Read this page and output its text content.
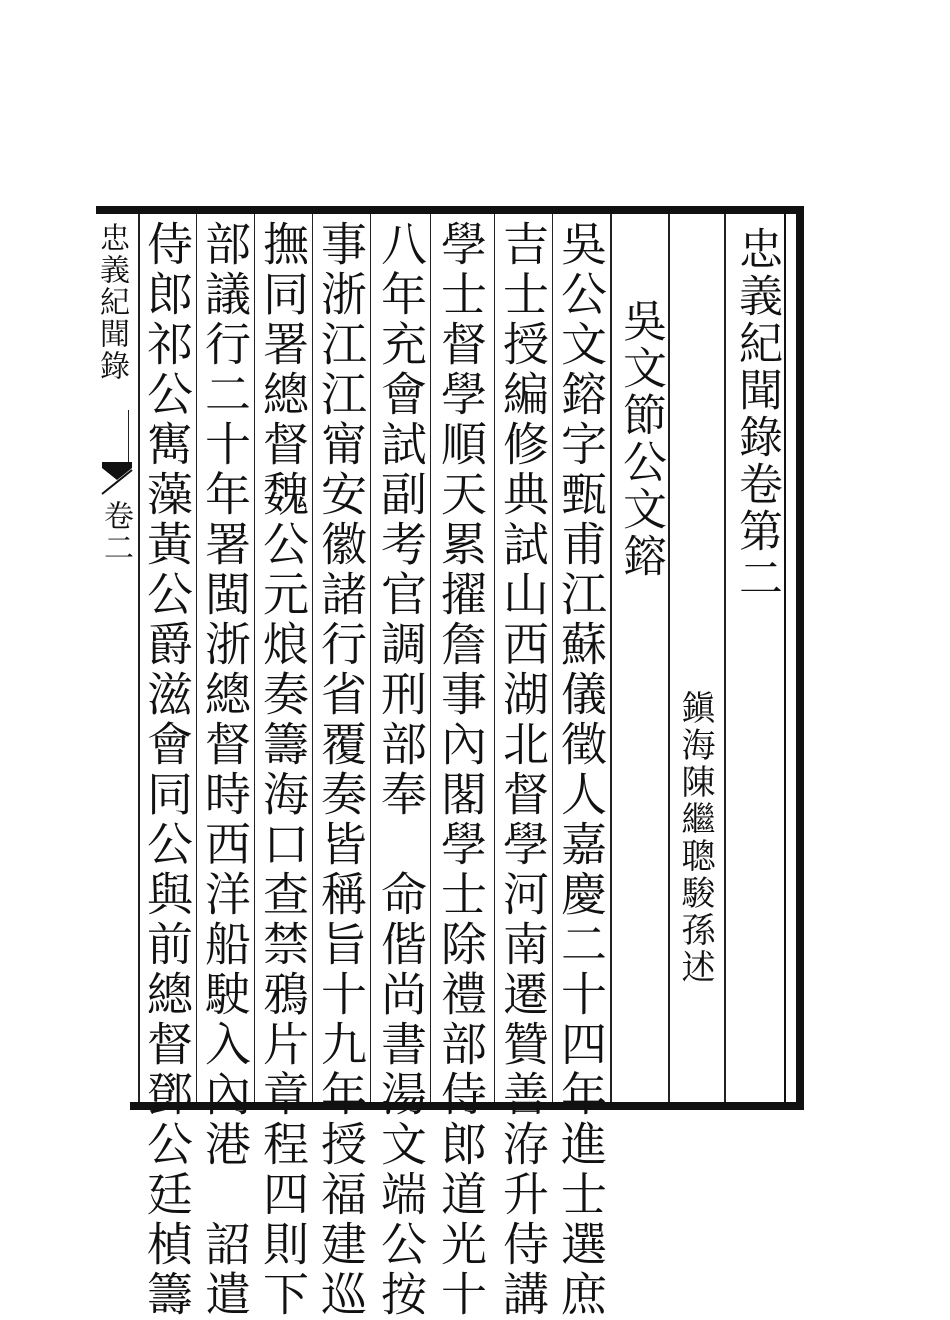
忠義紀聞錄卷第二
鎭海陳繼聰駿孫述
吳文節公文鎔
吳公文鎔字甄甫江蘇儀徵人嘉慶二十四年進士選庶
吉士授編修典試山西湖北督學河南遷贊善洊升侍講
學士督學順天累擢詹事內閣學士除禮部侍郎道光十
八年充會試副考官調刑部奉　命偕尚書湯文端公按
事浙江江甯安徽諸行省覆奏皆稱旨十九年授福建巡
撫同署總督魏公元烺奏籌海口查禁鴉片章程四則下
部議行二十年署閩浙總督時西洋船駛入內港　詔遣
侍郎祁公寯藻黃公爵滋會同公與前總督鄧公廷楨籌
忠義紀聞錄
卷二
